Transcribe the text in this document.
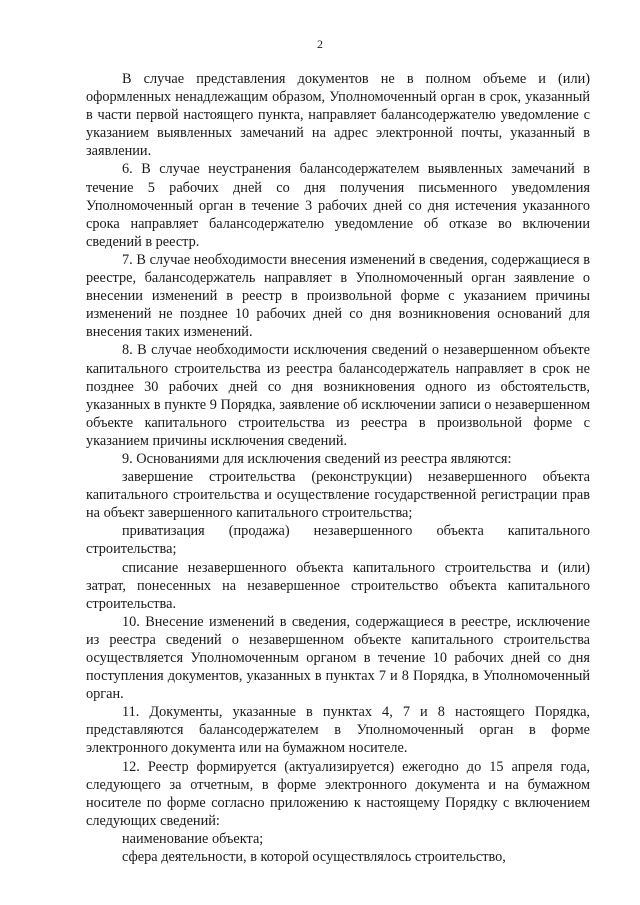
2

В случае представления документов не в полном объеме и (или) оформленных ненадлежащим образом, Уполномоченный орган в срок, указанный в части первой настоящего пункта, направляет балансодержателю уведомление с указанием выявленных замечаний на адрес электронной почты, указанный в заявлении.

6. В случае неустранения балансодержателем выявленных замечаний в течение 5 рабочих дней со дня получения письменного уведомления Уполномоченный орган в течение 3 рабочих дней со дня истечения указанного срока направляет балансодержателю уведомление об отказе во включении сведений в реестр.

7. В случае необходимости внесения изменений в сведения, содержащиеся в реестре, балансодержатель направляет в Уполномоченный орган заявление о внесении изменений в реестр в произвольной форме с указанием причины изменений не позднее 10 рабочих дней со дня возникновения оснований для внесения таких изменений.

8. В случае необходимости исключения сведений о незавершенном объекте капитального строительства из реестра балансодержатель направляет в срок не позднее 30 рабочих дней со дня возникновения одного из обстоятельств, указанных в пункте 9 Порядка, заявление об исключении записи о незавершенном объекте капитального строительства из реестра в произвольной форме с указанием причины исключения сведений.

9. Основаниями для исключения сведений из реестра являются:

завершение строительства (реконструкции) незавершенного объекта капитального строительства и осуществление государственной регистрации прав на объект завершенного капитального строительства;

приватизация (продажа) незавершенного объекта капитального строительства;

списание незавершенного объекта капитального строительства и (или) затрат, понесенных на незавершенное строительство объекта капитального строительства.

10. Внесение изменений в сведения, содержащиеся в реестре, исключение из реестра сведений о незавершенном объекте капитального строительства осуществляется Уполномоченным органом в течение 10 рабочих дней со дня поступления документов, указанных в пунктах 7 и 8 Порядка, в Уполномоченный орган.

11. Документы, указанные в пунктах 4, 7 и 8 настоящего Порядка, представляются балансодержателем в Уполномоченный орган в форме электронного документа или на бумажном носителе.

12. Реестр формируется (актуализируется) ежегодно до 15 апреля года, следующего за отчетным, в форме электронного документа и на бумажном носителе по форме согласно приложению к настоящему Порядку с включением следующих сведений:

наименование объекта;

сфера деятельности, в которой осуществлялось строительство,
